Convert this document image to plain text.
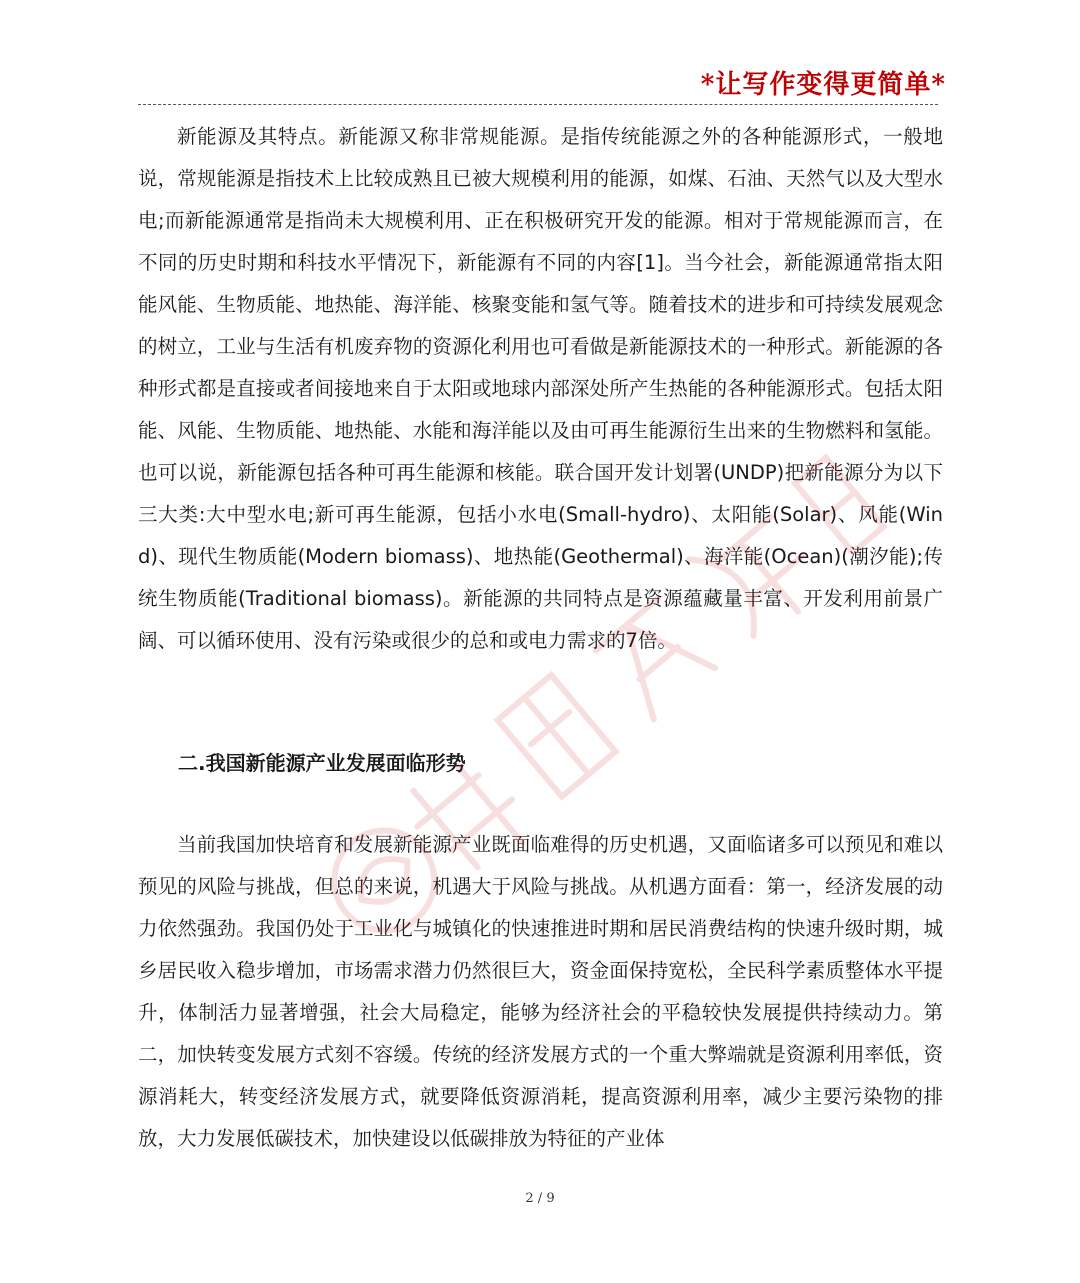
*让写作变得更简单*

新能源及其特点。新能源又称非常规能源。是指传统能源之外的各种能源形式，一般地说，常规能源是指技术上比较成熟且已被大规模利用的能源，如煤、石油、天然气以及大型水电;而新能源通常是指尚未大规模利用、正在积极研究开发的能源。相对于常规能源而言，在不同的历史时期和科技水平情况下，新能源有不同的内容[1]。当今社会，新能源通常指太阳能风能、生物质能、地热能、海洋能、核聚变能和氢气等。随着技术的进步和可持续发展观念的树立，工业与生活有机废弃物的资源化利用也可看做是新能源技术的一种形式。新能源的各种形式都是直接或者间接地来自于太阳或地球内部深处所产生热能的各种能源形式。包括太阳能、风能、生物质能、地热能、水能和海洋能以及由可再生能源衍生出来的生物燃料和氢能。也可以说，新能源包括各种可再生能源和核能。联合国开发计划署(UNDP)把新能源分为以下三大类:大中型水电;新可再生能源，包括小水电(Small-hydro)、太阳能(Solar)、风能(Wind)、现代生物质能(Modern biomass)、地热能(Geothermal)、海洋能(Ocean)(潮汐能);传统生物质能(Traditional biomass)。新能源的共同特点是资源蕴藏量丰富、开发利用前景广阔、可以循环使用、没有污染或很少的总和或电力需求的7倍。

二.我国新能源产业发展面临形势

当前我国加快培育和发展新能源产业既面临难得的历史机遇，又面临诸多可以预见和难以预见的风险与挑战，但总的来说，机遇大于风险与挑战。从机遇方面看：第一，经济发展的动力依然强劲。我国仍处于工业化与城镇化的快速推进时期和居民消费结构的快速升级时期，城乡居民收入稳步增加，市场需求潜力仍然很巨大，资金面保持宽松，全民科学素质整体水平提升，体制活力显著增强，社会大局稳定，能够为经济社会的平稳较快发展提供持续动力。第二，加快转变发展方式刻不容缓。传统的经济发展方式的一个重大弊端就是资源利用率低，资源消耗大，转变经济发展方式，就要降低资源消耗，提高资源利用率，减少主要污染物的排放，大力发展低碳技术，加快建设以低碳排放为特征的产业体

2 / 9
